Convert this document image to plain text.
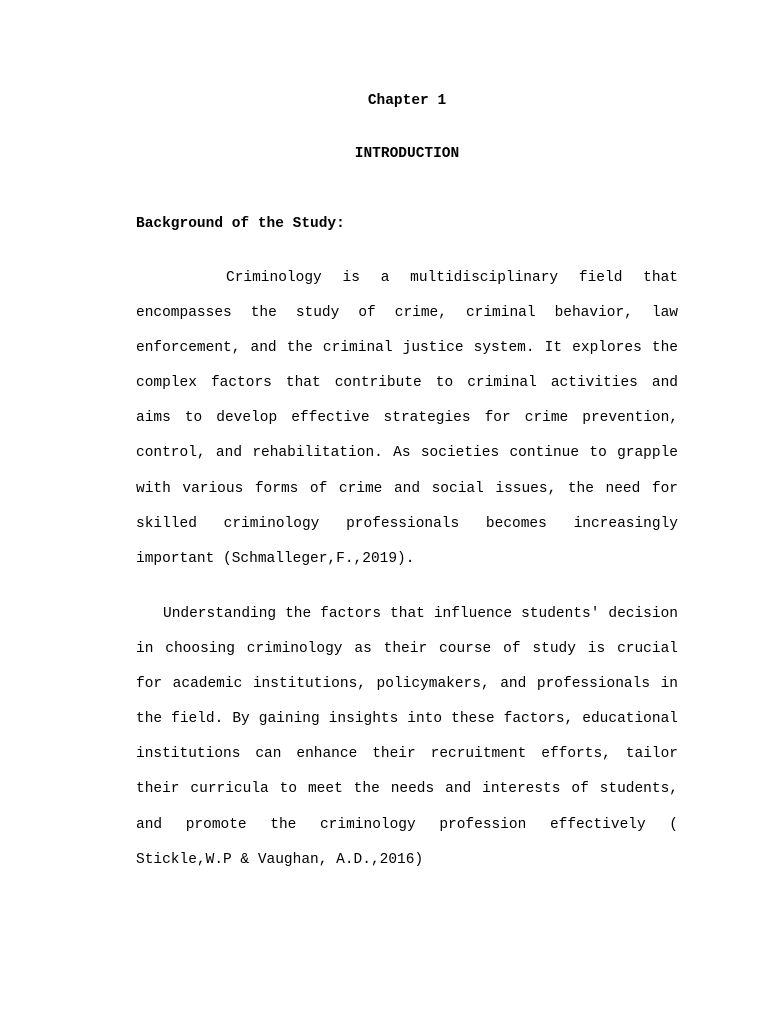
Chapter 1
INTRODUCTION
Background of the Study:

Criminology is a multidisciplinary field that encompasses the study of crime, criminal behavior, law enforcement, and the criminal justice system. It explores the complex factors that contribute to criminal activities and aims to develop effective strategies for crime prevention, control, and rehabilitation. As societies continue to grapple with various forms of crime and social issues, the need for skilled criminology professionals becomes increasingly important (Schmalleger,F.,2019).

Understanding the factors that influence students' decision in choosing criminology as their course of study is crucial for academic institutions, policymakers, and professionals in the field. By gaining insights into these factors, educational institutions can enhance their recruitment efforts, tailor their curricula to meet the needs and interests of students, and promote the criminology profession effectively ( Stickle,W.P & Vaughan, A.D.,2016)
